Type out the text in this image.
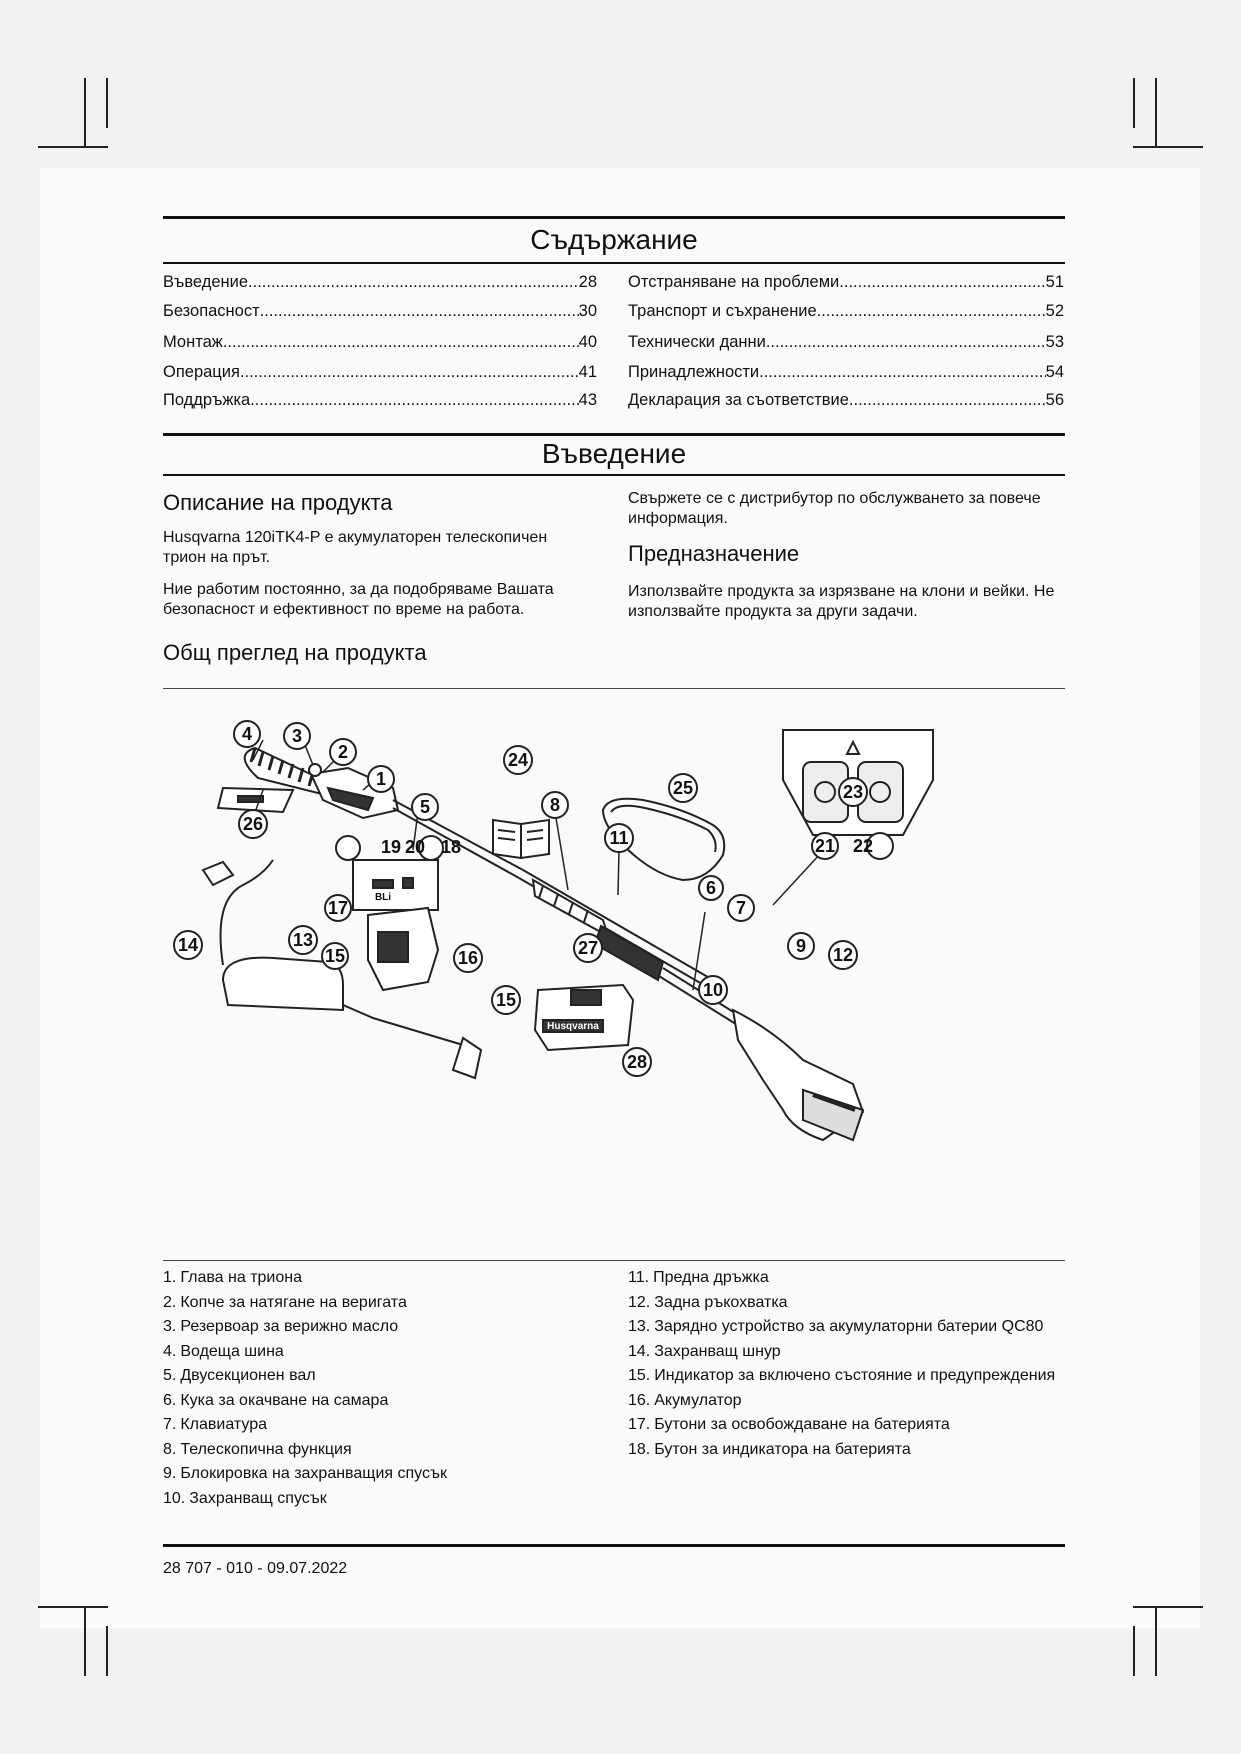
Съдържание
Въведение .....	28
Безопасност .....	30
Монтаж .....	40
Операция .....	41
Поддръжка .....	43
Отстраняване на проблеми .....	51
Транспорт и съхранение .....	52
Технически данни .....	53
Принадлежности .....	54
Декларация за съответствие .....	56
Въведение
Описание на продукта
Husqvarna 120iTK4-P е акумулаторен телескопичен трион на прът.
Ние работим постоянно, за да подобряваме Вашата безопасност и ефективност по време на работа.
Свържете се с дистрибутор по обслужването за повече информация.
Предназначение
Използвайте продукта за изрязване на клони и вейки. Не използвайте продукта за други задачи.
Общ преглед на продукта
4 3
2
1
5
26
24
25	23
8
11	21 22
6
7
9 12
10
19 20 18
17
16
14	13
15	27
15
28
BLi
Husqvarna
1. Глава на триона
2. Копче за натягане на веригата
3. Резервоар за верижно масло
4. Водеща шина
5. Двусекционен вал
6. Кука за окачване на самара
7. Клавиатура
8. Телескопична функция
9. Блокировка на захранващия спусък
10. Захранващ спусък
11. Предна дръжка
12. Задна ръкохватка
13. Зарядно устройство за акумулаторни батерии QC80
14. Захранващ шнур
15. Индикатор за включено състояние и предупреждения
16. Акумулатор
17. Бутони за освобождаване на батерията
18. Бутон за индикатора на батерията
28 707 - 010 - 09.07.2022
